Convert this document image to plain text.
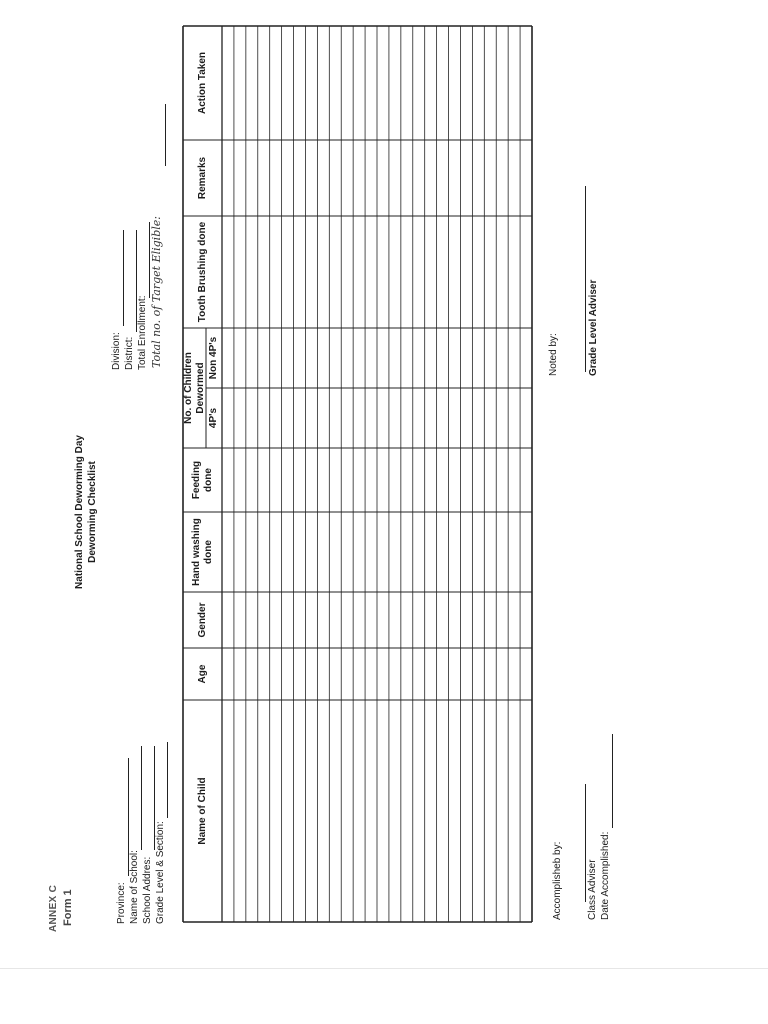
ANNEX C Form 1
National School Deworming Day Deworming Checklist
Province: Name of School: School Addres: Grade Level & Section:
Division: District: Total Enrollment: Total no. of Target Eligible:
Name of Child
Age
Gender
Hand washing done
Feeding done
No. of Children Dewormed
4P's
Non 4P's
Tooth Brushing done
Remarks
Action Taken
Accomplisheb by: Class Adviser Date Accomplished:
Noted by:	Grade Level Adviser
